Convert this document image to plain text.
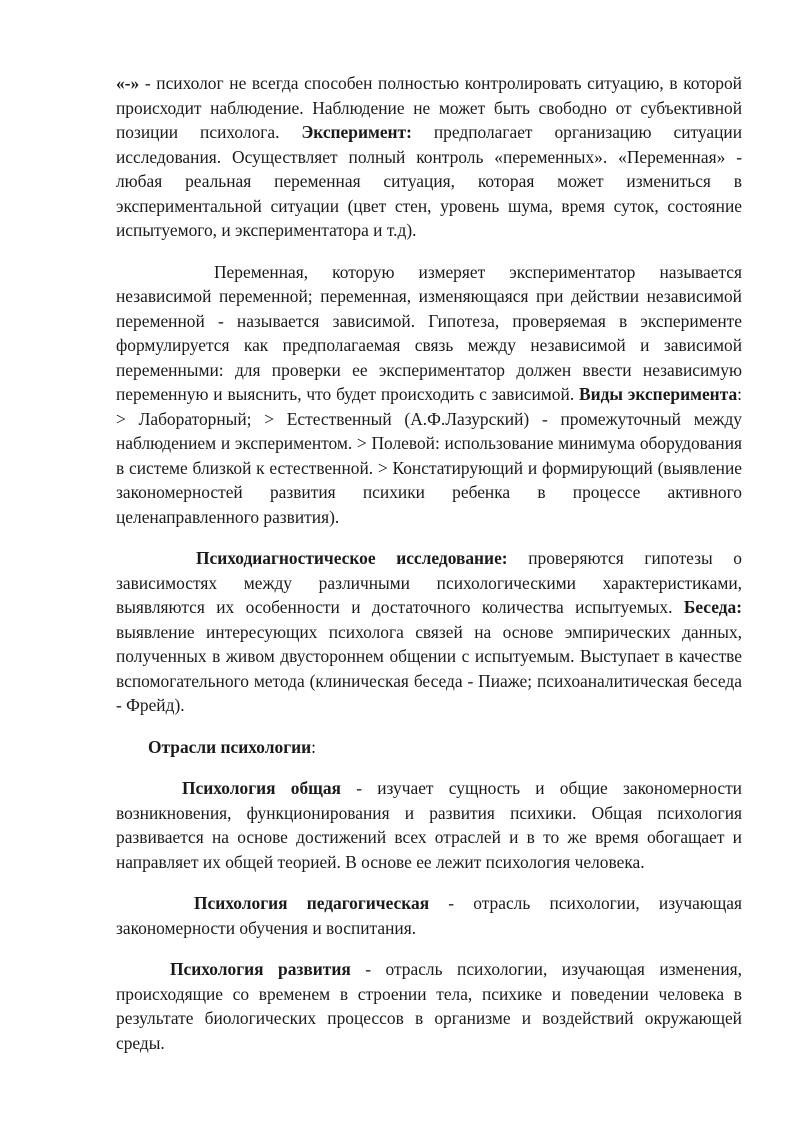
«-» - психолог не всегда способен полностью контролировать ситуацию, в которой происходит наблюдение. Наблюдение не может быть свободно от субъективной позиции психолога. Эксперимент: предполагает организацию ситуации исследования. Осуществляет полный контроль «переменных». «Переменная» - любая реальная переменная ситуация, которая может измениться в экспериментальной ситуации (цвет стен, уровень шума, время суток, состояние испытуемого, и экспериментатора и т.д).

Переменная, которую измеряет экспериментатор называется независимой переменной; переменная, изменяющаяся при действии независимой переменной - называется зависимой. Гипотеза, проверяемая в эксперименте формулируется как предполагаемая связь между независимой и зависимой переменными: для проверки ее экспериментатор должен ввести независимую переменную и выяснить, что будет происходить с зависимой. Виды эксперимента: > Лабораторный; > Естественный (А.Ф.Лазурский) - промежуточный между наблюдением и экспериментом. > Полевой: использование минимума оборудования в системе близкой к естественной. > Констатирующий и формирующий (выявление закономерностей развития психики ребенка в процессе активного целенаправленного развития).

Психодиагностическое исследование: проверяются гипотезы о зависимостях между различными психологическими характеристиками, выявляются их особенности и достаточного количества испытуемых. Беседа: выявление интересующих психолога связей на основе эмпирических данных, полученных в живом двустороннем общении с испытуемым. Выступает в качестве вспомогательного метода (клиническая беседа - Пиаже; психоаналитическая беседа - Фрейд).

Отрасли психологии:

Психология общая - изучает сущность и общие закономерности возникновения, функционирования и развития психики. Общая психология развивается на основе достижений всех отраслей и в то же время обогащает и направляет их общей теорией. В основе ее лежит психология человека.

Психология педагогическая - отрасль психологии, изучающая закономерности обучения и воспитания.

Психология развития - отрасль психологии, изучающая изменения, происходящие со временем в строении тела, психике и поведении человека в результате биологических процессов в организме и воздействий окружающей среды.
